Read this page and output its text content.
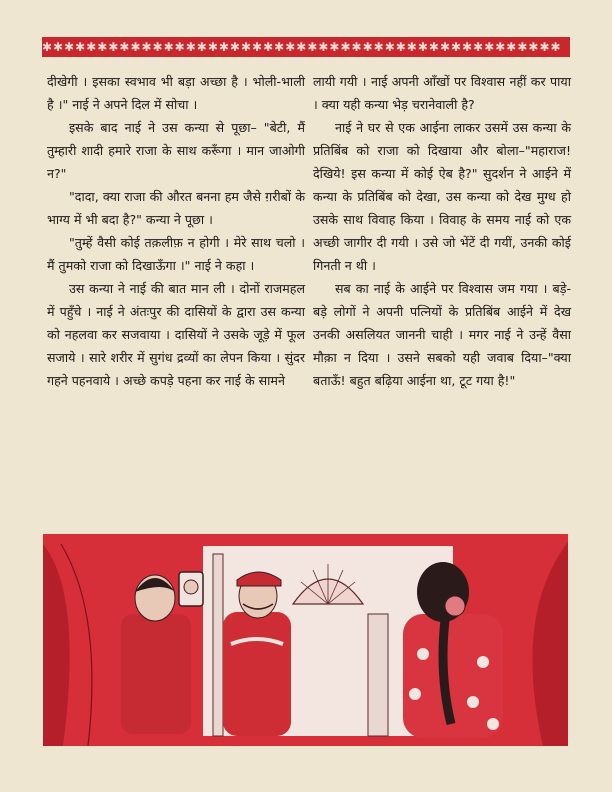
✱✱✱✱✱✱✱✱✱✱✱✱✱✱✱✱✱✱✱✱✱✱✱✱✱✱✱✱✱✱✱✱✱✱✱✱✱✱✱✱✱✱✱✱✱✱✱

दीखेगी । इसका स्वभाव भी बड़ा अच्छा है । भोली-भाली है ।" नाई ने अपने दिल में सोचा ।

इसके बाद नाई ने उस कन्या से पूछा– "बेटी, मैं तुम्हारी शादी हमारे राजा के साथ करूँगा । मान जाओगी न?"

"दादा, क्या राजा की औरत बनना हम जैसे ग़रीबों के भाग्य में भी बदा है?" कन्या ने पूछा ।

"तुम्हें वैसी कोई तक़लीफ़ न होगी । मेरे साथ चलो । मैं तुमको राजा को दिखाऊँगा ।" नाई ने कहा ।

उस कन्या ने नाई की बात मान ली । दोनों राजमहल में पहुँचे । नाई ने अंतःपुर की दासियों के द्वारा उस कन्या को नहलवा कर सजवाया । दासियों ने उसके जूड़े में फूल सजाये । सारे शरीर में सुगंध द्रव्यों का लेपन किया । सुंदर गहने पहनवाये । अच्छे कपड़े पहना कर नाई के सामने

लायी गयी । नाई अपनी आँखों पर विश्वास नहीं कर पाया । क्या यही कन्या भेड़ चरानेवाली है?

नाई ने घर से एक आईना लाकर उसमें उस कन्या के प्रतिबिंब को राजा को दिखाया और बोला–"महाराज! देखिये! इस कन्या में कोई ऐब है?" सुदर्शन ने आईने में कन्या के प्रतिबिंब को देखा, उस कन्या को देख मुग्ध हो उसके साथ विवाह किया । विवाह के समय नाई को एक अच्छी जागीर दी गयी । उसे जो भेंटें दी गयीं, उनकी कोई गिनती न थी ।

सब का नाई के आईने पर विश्वास जम गया । बड़े-बड़े लोगों ने अपनी पत्नियों के प्रतिबिंब आईने में देख उनकी असलियत जाननी चाही । मगर नाई ने उन्हें वैसा मौक़ा न दिया । उसने सबको यही जवाब दिया–"क्या बताऊँ! बहुत बढ़िया आईना था, टूट गया है!"
